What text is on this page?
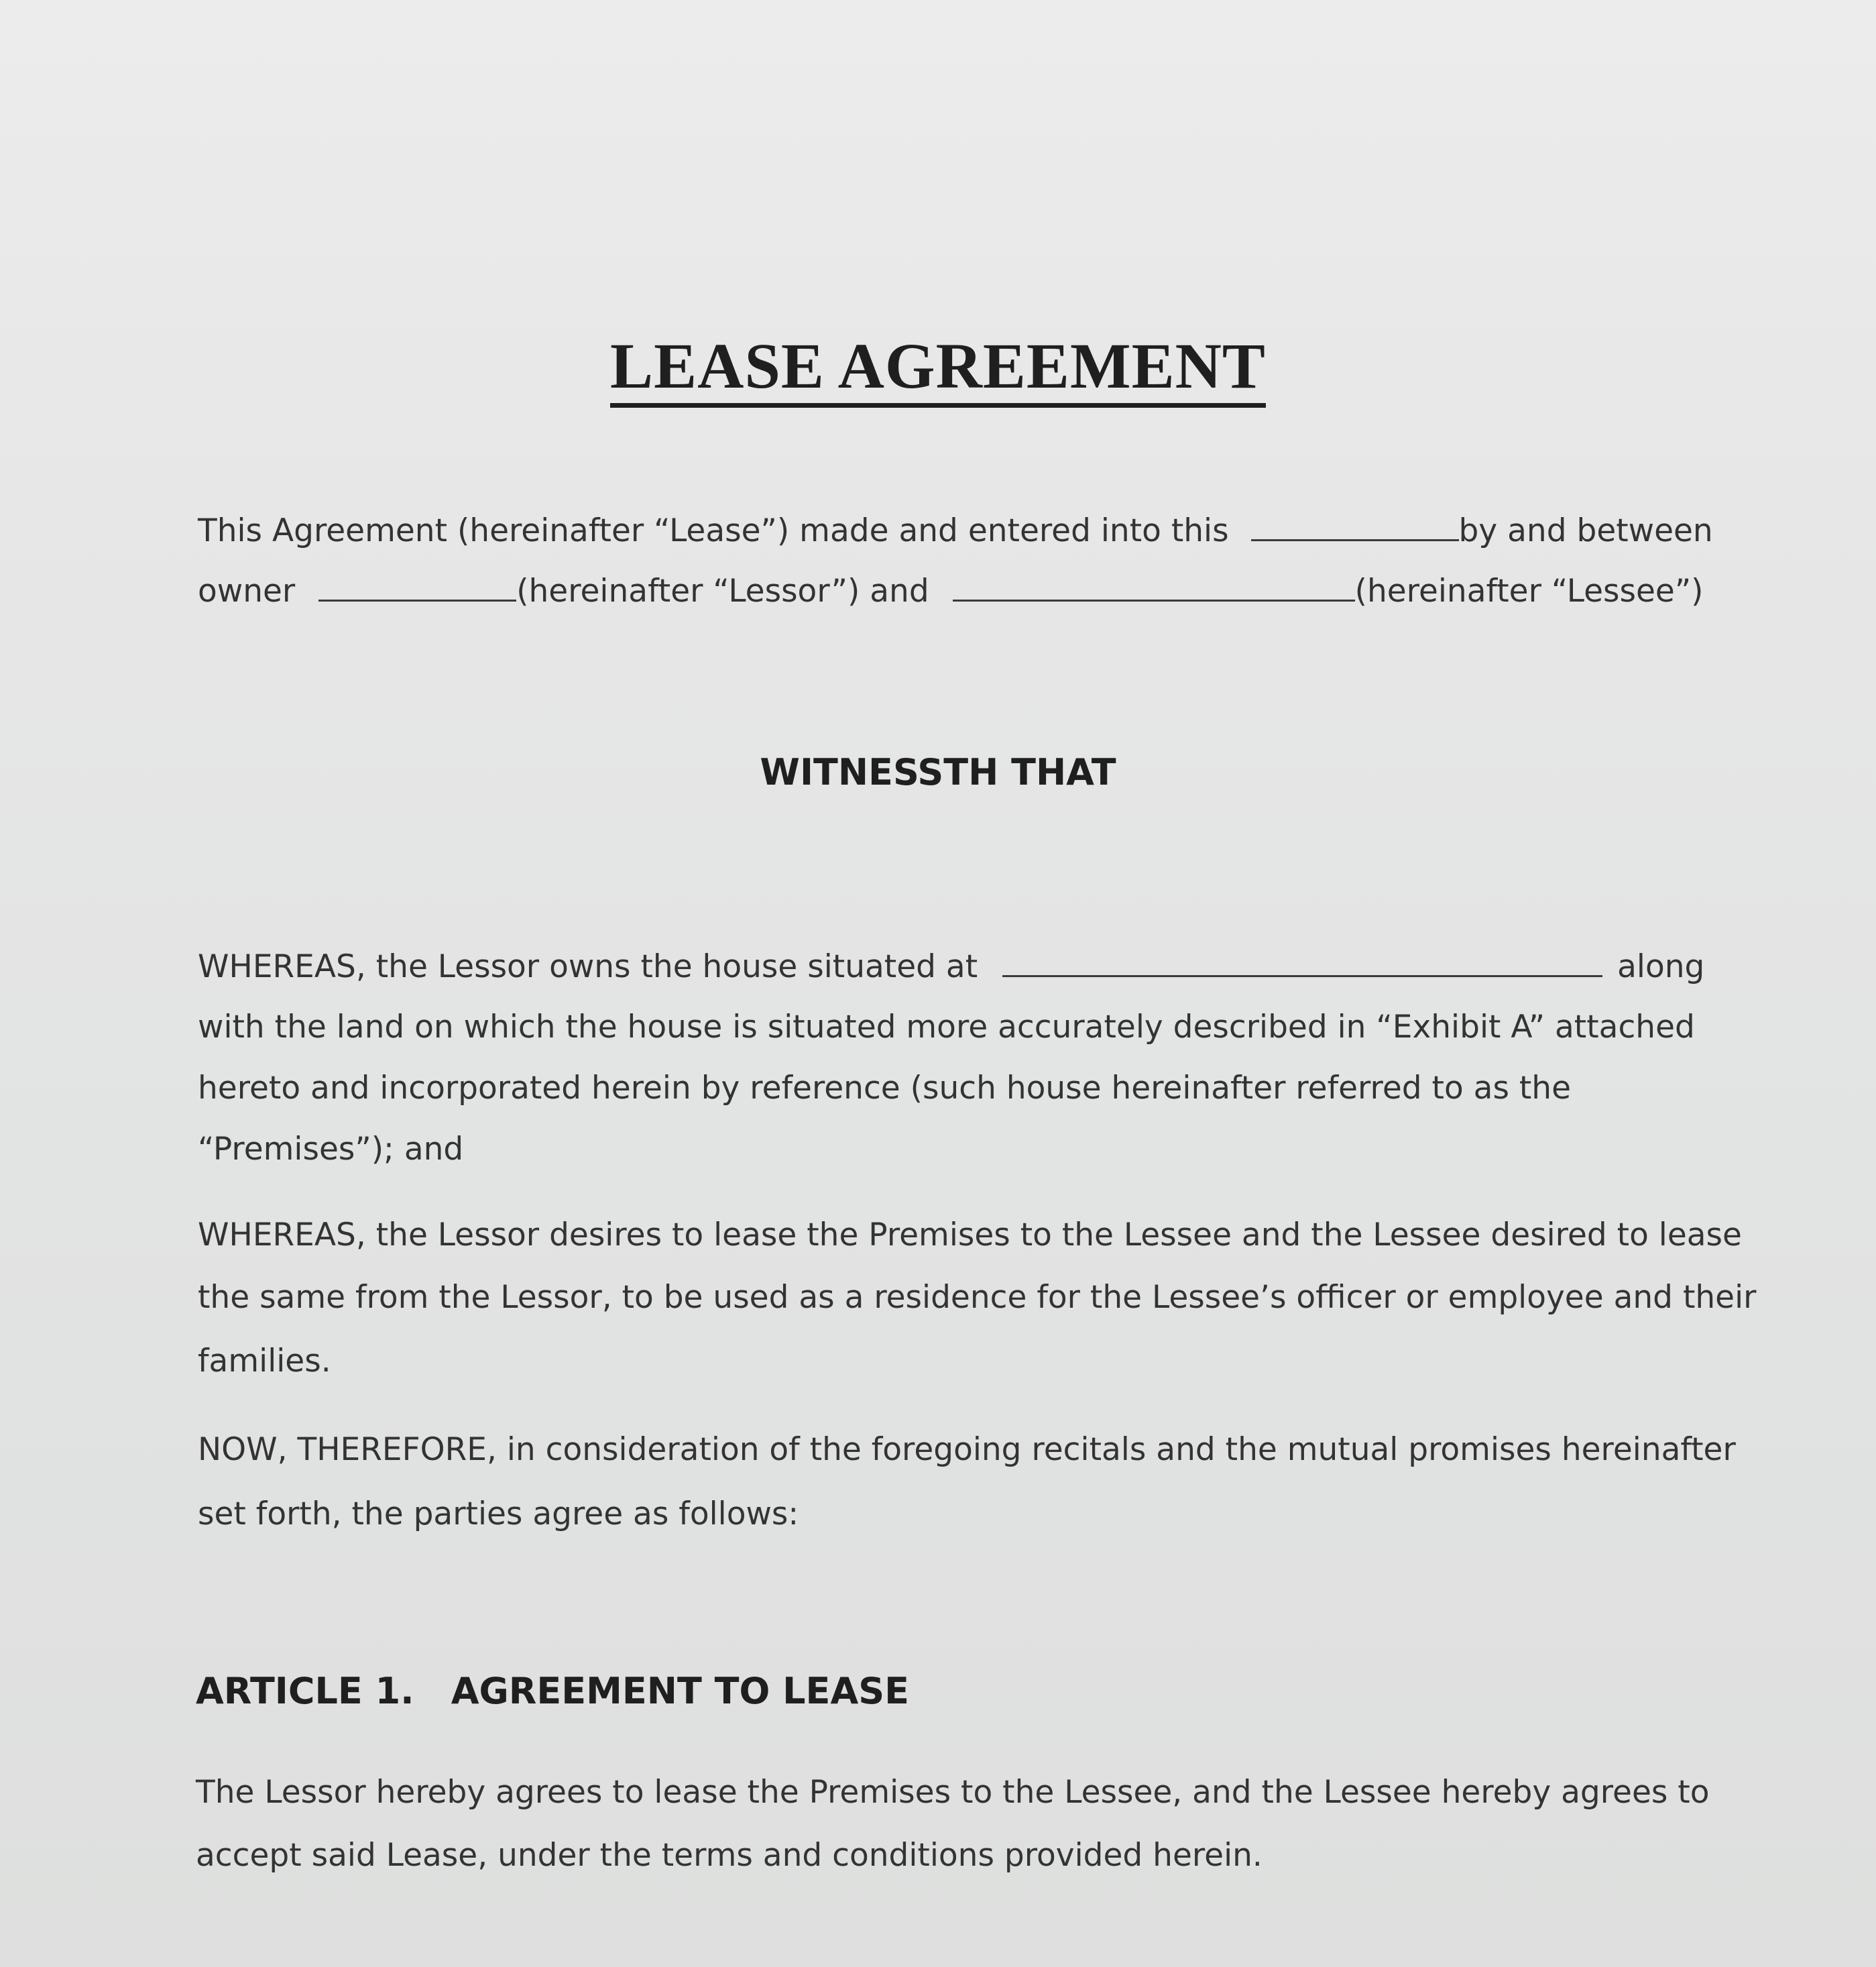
LEASE AGREEMENT
This Agreement (hereinafter “Lease”) made and entered into this	by and between
owner	(hereinafter “Lessor”) and	(hereinafter “Lessee”)
WITNESSTH THAT
WHEREAS, the Lessor owns the house situated at	along
with the land on which the house is situated more accurately described in “Exhibit A” attached
hereto and incorporated herein by reference (such house hereinafter referred to as the
“Premises”); and
WHEREAS, the Lessor desires to lease the Premises to the Lessee and the Lessee desired to lease
the same from the Lessor, to be used as a residence for the Lessee’s officer or employee and their
families.
NOW, THEREFORE, in consideration of the foregoing recitals and the mutual promises hereinafter
set forth, the parties agree as follows:
ARTICLE 1. AGREEMENT TO LEASE
The Lessor hereby agrees to lease the Premises to the Lessee, and the Lessee hereby agrees to
accept said Lease, under the terms and conditions provided herein.
